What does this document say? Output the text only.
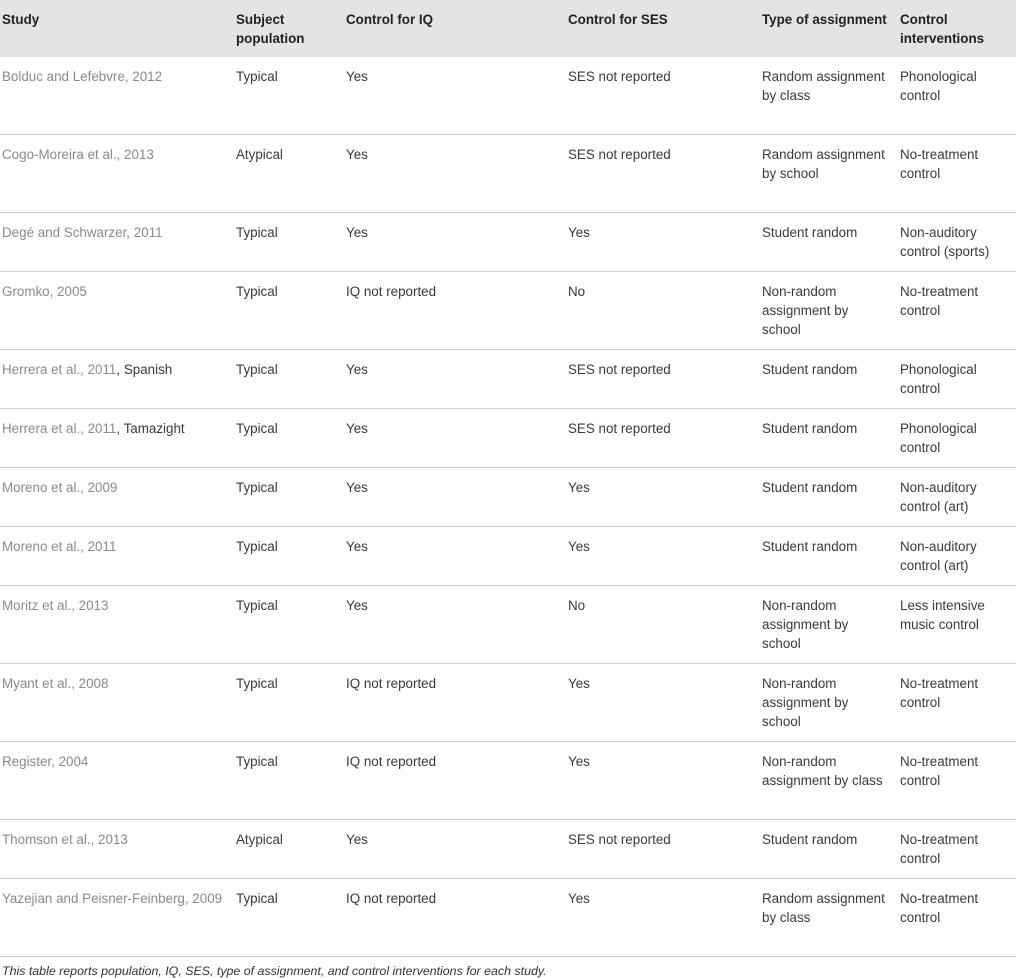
Study	Subject population	Control for IQ	Control for SES	Type of assignment	Control interventions
Bolduc and Lefebvre, 2012	Typical	Yes	SES not reported	Random assignment by class	Phonological control
Cogo-Moreira et al., 2013	Atypical	Yes	SES not reported	Random assignment by school	No-treatment control
Degé and Schwarzer, 2011	Typical	Yes	Yes	Student random	Non-auditory control (sports)
Gromko, 2005	Typical	IQ not reported	No	Non-random assignment by school	No-treatment control
Herrera et al., 2011, Spanish	Typical	Yes	SES not reported	Student random	Phonological control
Herrera et al., 2011, Tamazight	Typical	Yes	SES not reported	Student random	Phonological control
Moreno et al., 2009	Typical	Yes	Yes	Student random	Non-auditory control (art)
Moreno et al., 2011	Typical	Yes	Yes	Student random	Non-auditory control (art)
Moritz et al., 2013	Typical	Yes	No	Non-random assignment by school	Less intensive music control
Myant et al., 2008	Typical	IQ not reported	Yes	Non-random assignment by school	No-treatment control
Register, 2004	Typical	IQ not reported	Yes	Non-random assignment by class	No-treatment control
Thomson et al., 2013	Atypical	Yes	SES not reported	Student random	No-treatment control
Yazejian and Peisner-Feinberg, 2009	Typical	IQ not reported	Yes	Random assignment by class	No-treatment control
This table reports population, IQ, SES, type of assignment, and control interventions for each study.
